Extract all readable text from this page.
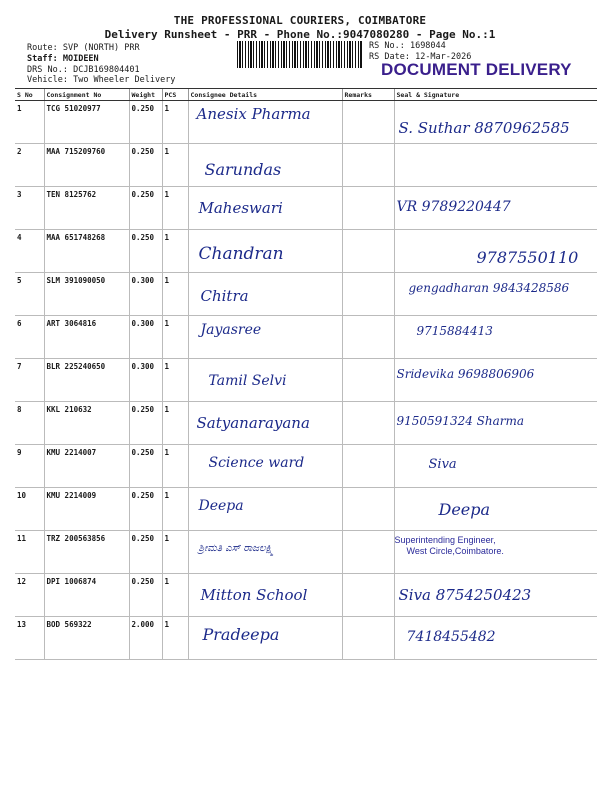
THE PROFESSIONAL COURIERS, COIMBATORE
Delivery Runsheet - PRR - Phone No.:9047080280 - Page No.:1
Route: SVP (NORTH) PRR
Staff: MOIDEEN
DRS No.: DCJB169804401
Vehicle: Two Wheeler Delivery
RS No.: 1698044
RS Date: 12-Mar-2026
DOCUMENT DELIVERY
S No	Consignment No	Weight	PCS	Consignee Details	Remarks	Seal & Signature
1	TCG 51020977	0.250	1	Anesix Pharma		S. Suthar 8870962585

2	MAA 715209760	0.250	1	Sarundas		

3	TEN 8125762	0.250	1	Maheswari		VR 9789220447

4	MAA 651748268	0.250	1	Chandran		9787550110

5	SLM 391090050	0.300	1	Chitra		gengadharan 9843428586

6	ART 3064816	0.300	1	Jayasree		9715884413

7	BLR 225240650	0.300	1	Tamil Selvi		Sridevika 9698806906

8	KKL 210632	0.250	1	Satyanarayana		9150591324 Sharma

9	KMU 2214007	0.250	1	Science ward		Siva

10	KMU 2214009	0.250	1	Deepa		Deepa

11	TRZ 200563856	0.250	1	ಶ್ರೀಮತಿ ಎಸ್ ರಾಜಲಕ್ಷ್ಮಿ		Superintending Engineer,
West Circle,Coimbatore.

12	DPI 1006874	0.250	1	Mitton School		Siva 8754250423

13	BOD 569322	2.000	1	Pradeepa		7418455482
